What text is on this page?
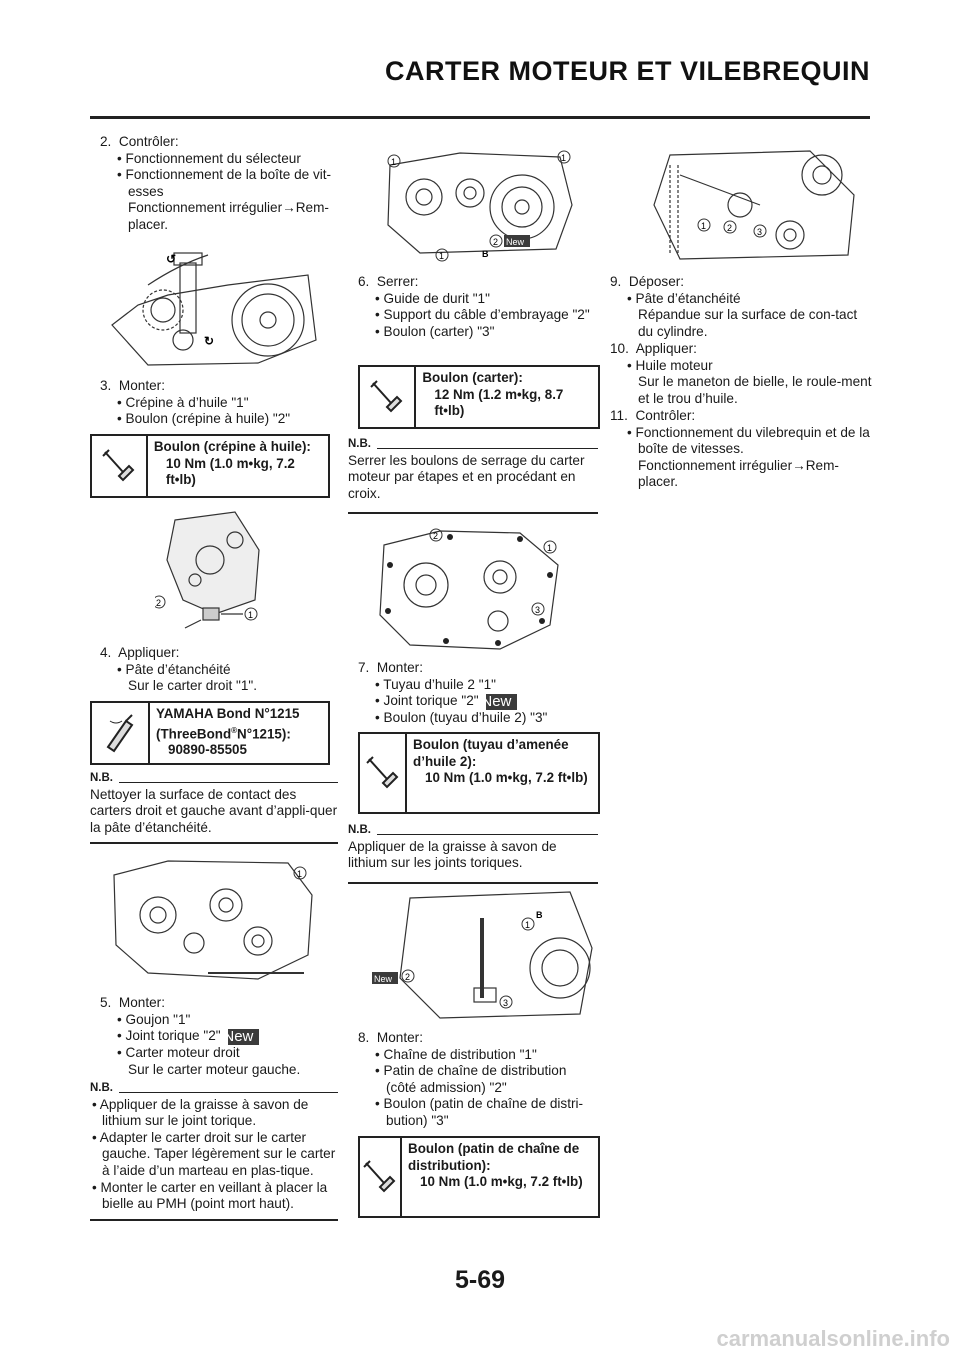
CARTER MOTEUR ET VILEBREQUIN
2. Contrôler:
• Fonctionnement du sélecteur
• Fonctionnement de la boîte de vit-esses
Fonctionnement irrégulier→Rem-placer.
3. Monter:
• Crépine à d’huile "1"
• Boulon (crépine à huile) "2"
4. Appliquer:
• Pâte d’étanchéité
Sur le carter droit "1".
N.B.
Nettoyer la surface de contact des carters droit et gauche avant d’appli-quer la pâte d’étanchéité.
5. Monter:
• Goujon "1"
• Joint torique "2" New
• Carter moteur droit
Sur le carter moteur gauche.
N.B.
• Appliquer de la graisse à savon de lithium sur le joint torique.
• Adapter le carter droit sur le carter gauche. Taper légèrement sur le carter à l’aide d’un marteau en plas-tique.
• Monter le carter en veillant à placer la bielle au PMH (point mort haut).
Boulon (crépine à huile):
10 Nm (1.0 m•kg, 7.2 ft•lb)
YAMAHA Bond N°1215
(ThreeBond®N°1215):
90890-85505
6. Serrer:
• Guide de durit "1"
• Support du câble d’embrayage "2"
• Boulon (carter) "3"
N.B.
Serrer les boulons de serrage du carter moteur par étapes et en procédant en croix.
7. Monter:
• Tuyau d’huile 2 "1"
• Joint torique "2" New
• Boulon (tuyau d’huile 2) "3"
N.B.
Appliquer de la graisse à savon de lithium sur les joints toriques.
8. Monter:
• Chaîne de distribution "1"
• Patin de chaîne de distribution (côté admission) "2"
• Boulon (patin de chaîne de distri-bution) "3"
Boulon (carter):
12 Nm (1.2 m•kg, 8.7 ft•lb)
Boulon (tuyau d’amenée d’huile 2):
10 Nm (1.0 m•kg, 7.2 ft•lb)
Boulon (patin de chaîne de distribution):
10 Nm (1.0 m•kg, 7.2 ft•lb)
9. Déposer:
• Pâte d’étanchéité
Répandue sur la surface de con-tact du cylindre.
10. Appliquer:
• Huile moteur
Sur le maneton de bielle, le roule-ment et le trou d’huile.
11. Contrôler:
• Fonctionnement du vilebrequin et de la boîte de vitesses.
Fonctionnement irrégulier→Rem-placer.
↺
↻
2
1
1
1	1
2
1
New
B
2
1
3
New 2
1
3
B
1 2	3
5-69
carmanualsonline.info
